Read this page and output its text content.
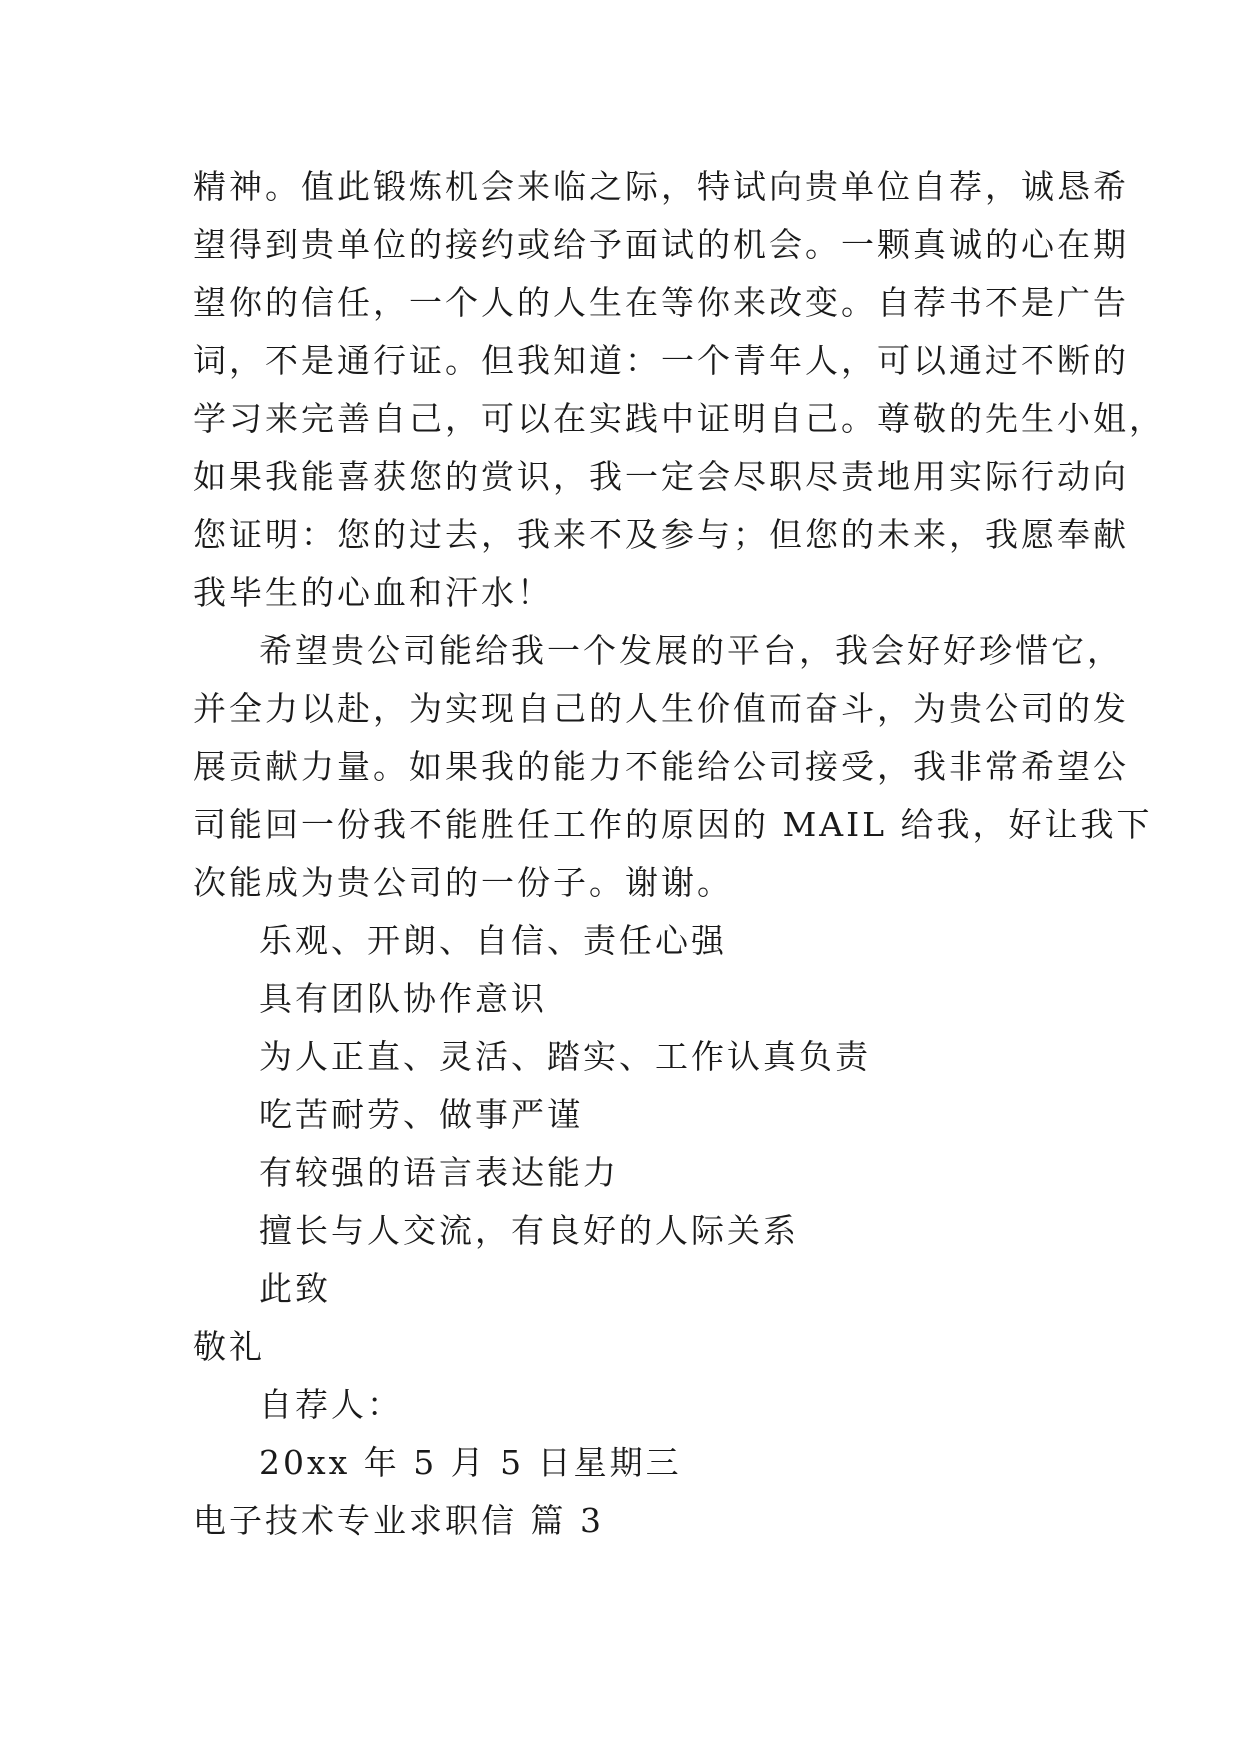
精神。值此锻炼机会来临之际，特试向贵单位自荐，诚恳希

望得到贵单位的接约或给予面试的机会。一颗真诚的心在期

望你的信任，一个人的人生在等你来改变。自荐书不是广告

词，不是通行证。但我知道：一个青年人，可以通过不断的

学习来完善自己，可以在实践中证明自己。尊敬的先生小姐，

如果我能喜获您的赏识，我一定会尽职尽责地用实际行动向

您证明：您的过去，我来不及参与；但您的未来，我愿奉献

我毕生的心血和汗水！

希望贵公司能给我一个发展的平台，我会好好珍惜它，

并全力以赴，为实现自己的人生价值而奋斗，为贵公司的发

展贡献力量。如果我的能力不能给公司接受，我非常希望公

司能回一份我不能胜任工作的原因的 MAIL 给我，好让我下

次能成为贵公司的一份子。谢谢。

乐观、开朗、自信、责任心强

具有团队协作意识

为人正直、灵活、踏实、工作认真负责

吃苦耐劳、做事严谨

有较强的语言表达能力

擅长与人交流，有良好的人际关系

此致

敬礼

自荐人：

20xx 年 5 月 5 日星期三

电子技术专业求职信 篇 3
